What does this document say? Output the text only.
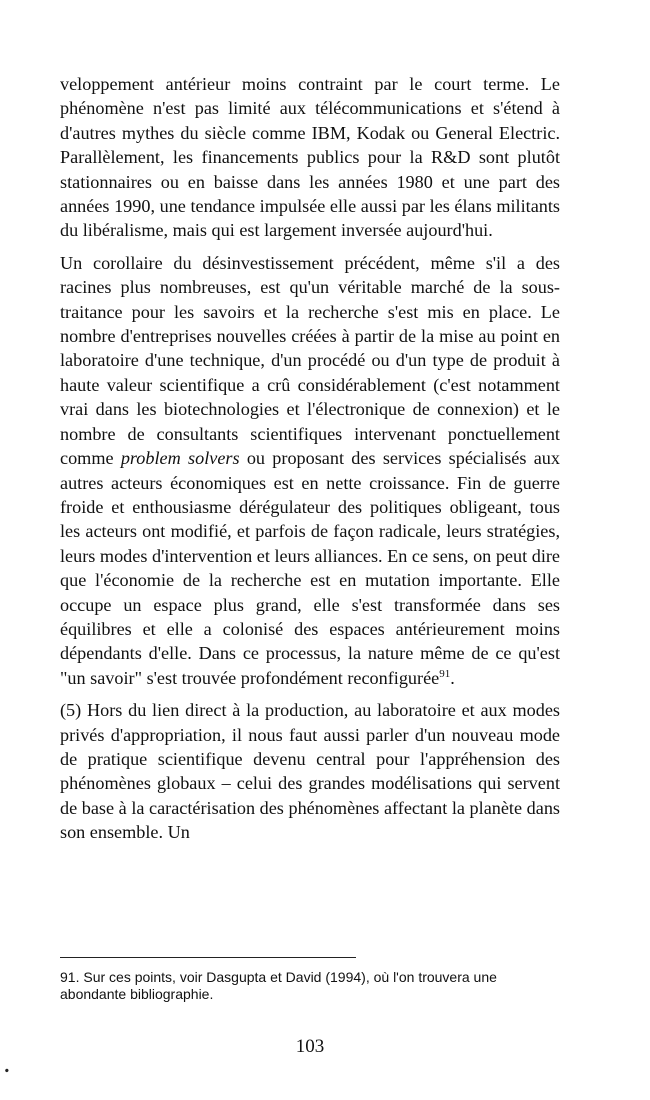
veloppement antérieur moins contraint par le court terme. Le phénomène n'est pas limité aux télécommunications et s'étend à d'autres mythes du siècle comme IBM, Kodak ou General Electric. Parallèlement, les financements publics pour la R&D sont plutôt stationnaires ou en baisse dans les années 1980 et une part des années 1990, une tendance impulsée elle aussi par les élans militants du libéralisme, mais qui est largement inversée aujourd'hui.

Un corollaire du désinvestissement précédent, même s'il a des racines plus nombreuses, est qu'un véritable marché de la sous-traitance pour les savoirs et la recherche s'est mis en place. Le nombre d'entreprises nouvelles créées à partir de la mise au point en laboratoire d'une technique, d'un procédé ou d'un type de produit à haute valeur scientifique a crû considérablement (c'est notamment vrai dans les biotechnologies et l'électronique de connexion) et le nombre de consultants scientifiques intervenant ponctuellement comme problem solvers ou proposant des services spécialisés aux autres acteurs économiques est en nette croissance. Fin de guerre froide et enthousiasme dérégulateur des politiques obligeant, tous les acteurs ont modifié, et parfois de façon radicale, leurs stratégies, leurs modes d'intervention et leurs alliances. En ce sens, on peut dire que l'économie de la recherche est en mutation importante. Elle occupe un espace plus grand, elle s'est transformée dans ses équilibres et elle a colonisé des espaces antérieurement moins dépendants d'elle. Dans ce processus, la nature même de ce qu'est "un savoir" s'est trouvée profondément reconfigurée$^{91}$.

(5) Hors du lien direct à la production, au laboratoire et aux modes privés d'appropriation, il nous faut aussi parler d'un nouveau mode de pratique scientifique devenu central pour l'appréhension des phénomènes globaux – celui des grandes modélisations qui servent de base à la caractérisation des phénomènes affectant la planète dans son ensemble. Un

91. Sur ces points, voir Dasgupta et David (1994), où l'on trouvera une abondante bibliographie.

103

•
